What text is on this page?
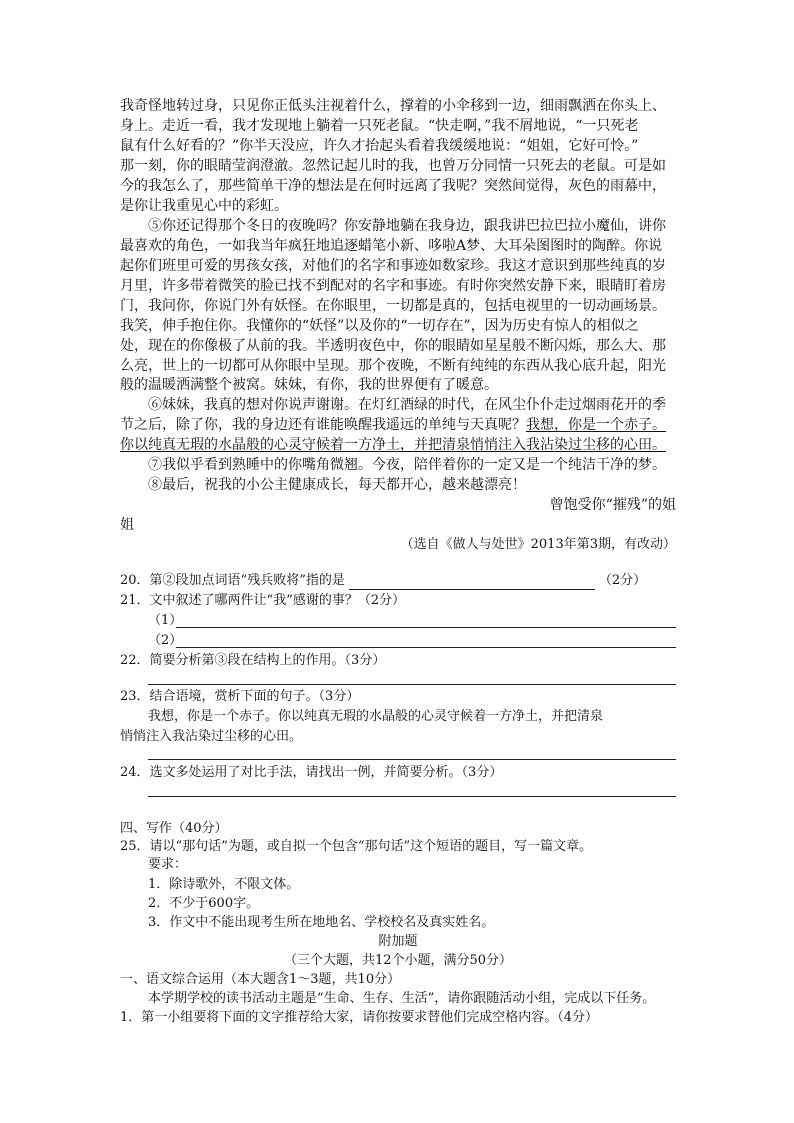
我奇怪地转过身，只见你正低头注视着什么，撑着的小伞移到一边，细雨飘洒在你头上、
身上。走近一看，我才发现地上躺着一只死老鼠。“快走啊，”我不屑地说，“一只死老
鼠有什么好看的？”你半天没应，许久才抬起头看着我缓缓地说：“姐姐，它好可怜。”
那一刻，你的眼睛莹润澄澈。忽然记起儿时的我，也曾万分同情一只死去的老鼠。可是如
今的我怎么了，那些简单干净的想法是在何时远离了我呢？突然间觉得，灰色的雨幕中，
是你让我重见心中的彩虹。
⑤你还记得那个冬日的夜晚吗？你安静地躺在我身边，跟我讲巴拉巴拉小魔仙，讲你
最喜欢的角色，一如我当年疯狂地追逐蜡笔小新、哆啦A梦、大耳朵图图时的陶醉。你说
起你们班里可爱的男孩女孩，对他们的名字和事迹如数家珍。我这才意识到那些纯真的岁
月里，许多带着微笑的脸已找不到配对的名字和事迹。有时你突然安静下来，眼睛盯着房
门，我问你，你说门外有妖怪。在你眼里，一切都是真的，包括电视里的一切动画场景。
我笑，伸手抱住你。我懂你的“妖怪”以及你的“一切存在”，因为历史有惊人的相似之
处，现在的你像极了从前的我。半透明夜色中，你的眼睛如星星般不断闪烁，那么大、那
么亮，世上的一切都可从你眼中呈现。那个夜晚，不断有纯纯的东西从我心底升起，阳光
般的温暖洒满整个被窝。妹妹，有你，我的世界便有了暖意。
⑥妹妹，我真的想对你说声谢谢。在灯红酒绿的时代，在风尘仆仆走过烟雨花开的季
节之后，除了你，我的身边还有谁能唤醒我遥远的单纯与天真呢？我想，你是一个赤子。
你以纯真无瑕的水晶般的心灵守候着一方净土，并把清泉悄悄注入我沾染过尘移的心田。
⑦我似乎看到熟睡中的你嘴角微翘。今夜，陪伴着你的一定又是一个纯洁干净的梦。
⑧最后，祝我的小公主健康成长，每天都开心，越来越漂亮！
曾饱受你“摧残”的姐
姐
（选自《做人与处世》2013年第3期，有改动）
20．第②段加点词语“残兵败将”指的是	（2分）
21．文中叙述了哪两件让“我”感谢的事？（2分）
（1）
（2）
22．简要分析第③段在结构上的作用。（3分）
23．结合语境，赏析下面的句子。（3分）
我想，你是一个赤子。你以纯真无瑕的水晶般的心灵守候着一方净土，并把清泉
悄悄注入我沾染过尘移的心田。
24．选文多处运用了对比手法，请找出一例，并简要分析。（3分）
四、写作（40分）
25．请以“那句话”为题，或自拟一个包含“那句话”这个短语的题目，写一篇文章。
要求：
1．除诗歌外，不限文体。
2．不少于600字。
3．作文中不能出现考生所在地地名、学校校名及真实姓名。
附加题
（三个大题，共12个小题，满分50分）
一、语文综合运用（本大题含1～3题，共10分）
本学期学校的读书活动主题是“生命、生存、生活”，请你跟随活动小组，完成以下任务。
1．第一小组要将下面的文字推荐给大家，请你按要求替他们完成空格内容。（4分）
